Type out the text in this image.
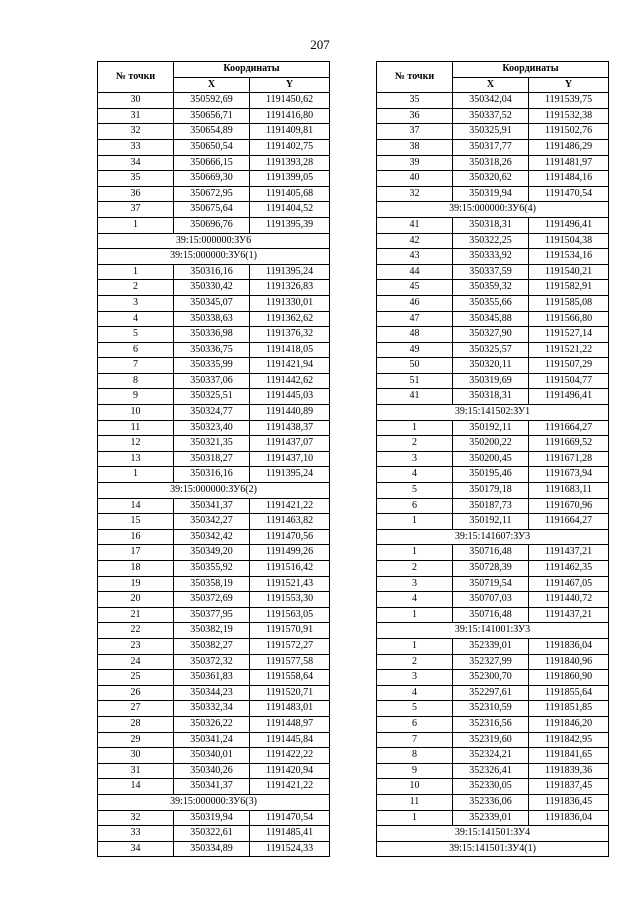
207
№ точки	Координаты	
	X	Y
30	350592,69	1191450,62
31	350656,71	1191416,80
32	350654,89	1191409,81
33	350650,54	1191402,75
34	350666,15	1191393,28
35	350669,30	1191399,05
36	350672,95	1191405,68
37	350675,64	1191404,52
1	350696,76	1191395,39
39:15:000000:ЗУ6		
39:15:000000:ЗУ6(1)		
1	350316,16	1191395,24
2	350330,42	1191326,83
3	350345,07	1191330,01
4	350338,63	1191362,62
5	350336,98	1191376,32
6	350336,75	1191418,05
7	350335,99	1191421,94
8	350337,06	1191442,62
9	350325,51	1191445,03
10	350324,77	1191440,89
11	350323,40	1191438,37
12	350321,35	1191437,07
13	350318,27	1191437,10
1	350316,16	1191395,24
39:15:000000:ЗУ6(2)		
14	350341,37	1191421,22
15	350342,27	1191463,82
16	350342,42	1191470,56
17	350349,20	1191499,26
18	350355,92	1191516,42
19	350358,19	1191521,43
20	350372,69	1191553,30
21	350377,95	1191563,05
22	350382,19	1191570,91
23	350382,27	1191572,27
24	350372,32	1191577,58
25	350361,83	1191558,64
26	350344,23	1191520,71
27	350332,34	1191483,01
28	350326,22	1191448,97
29	350341,24	1191445,84
30	350340,01	1191422,22
31	350340,26	1191420,94
14	350341,37	1191421,22
39:15:000000:ЗУ6(3)		
32	350319,94	1191470,54
33	350322,61	1191485,41
34	350334,89	1191524,33
№ точки	Координаты	
	X	Y
35	350342,04	1191539,75
36	350337,52	1191532,38
37	350325,91	1191502,76
38	350317,77	1191486,29
39	350318,26	1191481,97
40	350320,62	1191484,16
32	350319,94	1191470,54
39:15:000000:ЗУ6(4)		
41	350318,31	1191496,41
42	350322,25	1191504,38
43	350333,92	1191534,16
44	350337,59	1191540,21
45	350359,32	1191582,91
46	350355,66	1191585,08
47	350345,88	1191566,80
48	350327,90	1191527,14
49	350325,57	1191521,22
50	350320,11	1191507,29
51	350319,69	1191504,77
41	350318,31	1191496,41
39:15:141502:ЗУ1		
1	350192,11	1191664,27
2	350200,22	1191669,52
3	350200,45	1191671,28
4	350195,46	1191673,94
5	350179,18	1191683,11
6	350187,73	1191670,96
1	350192,11	1191664,27
39:15:141607:ЗУ3		
1	350716,48	1191437,21
2	350728,39	1191462,35
3	350719,54	1191467,05
4	350707,03	1191440,72
1	350716,48	1191437,21
39:15:141001:ЗУ3		
1	352339,01	1191836,04
2	352327,99	1191840,96
3	352300,70	1191860,90
4	352297,61	1191855,64
5	352310,59	1191851,85
6	352316,56	1191846,20
7	352319,60	1191842,95
8	352324,21	1191841,65
9	352326,41	1191839,36
10	352330,05	1191837,45
11	352336,06	1191836,45
1	352339,01	1191836,04
39:15:141501:ЗУ4		
39:15:141501:ЗУ4(1)		
